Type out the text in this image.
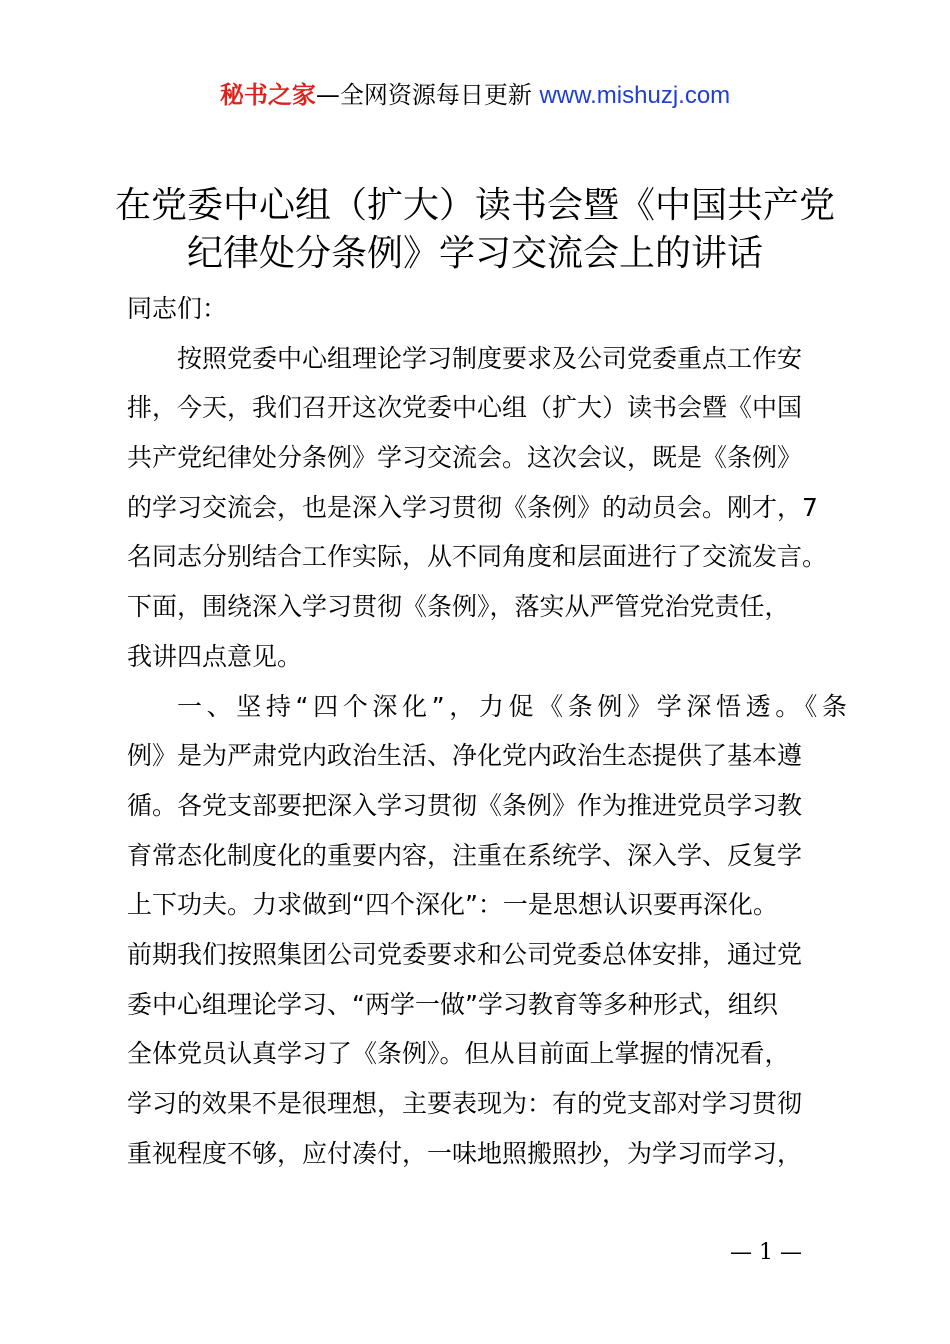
秘书之家—全网资源每日更新 www.mishuzj.com
在党委中心组（扩大）读书会暨《中国共产党
纪律处分条例》学习交流会上的讲话
同志们：
按照党委中心组理论学习制度要求及公司党委重点工作安
排，今天，我们召开这次党委中心组（扩大）读书会暨《中国
共产党纪律处分条例》学习交流会。这次会议，既是《条例》
的学习交流会，也是深入学习贯彻《条例》的动员会。刚才，7
名同志分别结合工作实际，从不同角度和层面进行了交流发言。
下面，围绕深入学习贯彻《条例》，落实从严管党治党责任，
我讲四点意见。
一、坚持“四个深化”，力促《条例》学深悟透。《条
例》是为严肃党内政治生活、净化党内政治生态提供了基本遵
循。各党支部要把深入学习贯彻《条例》作为推进党员学习教
育常态化制度化的重要内容，注重在系统学、深入学、反复学
上下功夫。力求做到“四个深化”：一是思想认识要再深化。
前期我们按照集团公司党委要求和公司党委总体安排，通过党
委中心组理论学习、“两学一做”学习教育等多种形式，组织
全体党员认真学习了《条例》。但从目前面上掌握的情况看，
学习的效果不是很理想，主要表现为：有的党支部对学习贯彻
重视程度不够，应付凑付，一味地照搬照抄，为学习而学习，
— 1 —
